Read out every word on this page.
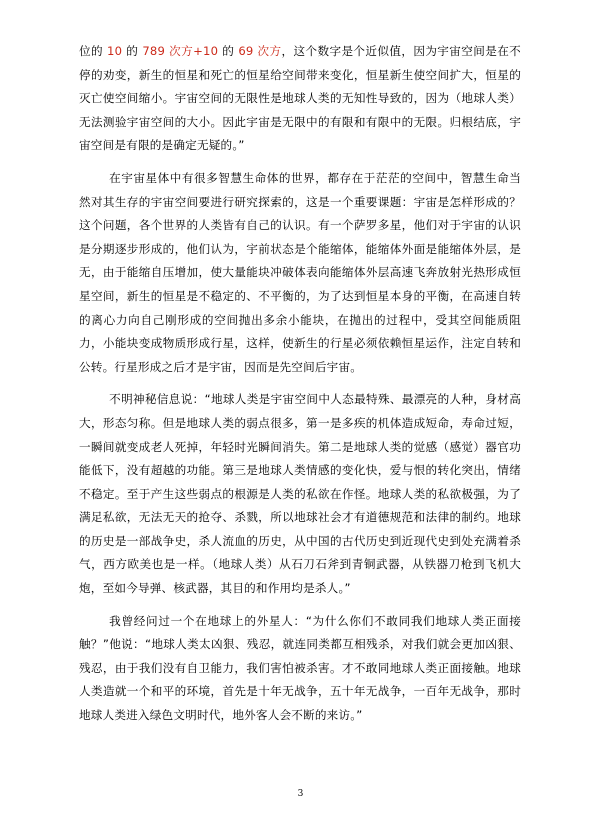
位的 10 的 789 次方+10 的 69 次方，这个数字是个近似值，因为宇宙空间是在不停的劝变，新生的恒星和死亡的恒星给空间带来变化，恒星新生使空间扩大，恒星的灭亡使空间缩小。宇宙空间的无限性是地球人类的无知性导致的，因为（地球人类）无法测验宇宙空间的大小。因此宇宙是无限中的有限和有限中的无限。归根结底，宇宙空间是有限的是确定无疑的。”

在宇宙星体中有很多智慧生命体的世界，都存在于茫茫的空间中，智慧生命当然对其生存的宇宙空间要进行研究探索的，这是一个重要课题：宇宙是怎样形成的？这个问题，各个世界的人类皆有自己的认识。有一个萨罗多星，他们对于宇宙的认识是分期逐步形成的，他们认为，宇前状态是个能缩体，能缩体外面是能缩体外层，是无，由于能缩自压增加，使大量能块冲破体表向能缩体外层高速飞奔放射光热形成恒星空间，新生的恒星是不稳定的、不平衡的，为了达到恒星本身的平衡，在高速自转的离心力向自己刚形成的空间抛出多余小能块，在抛出的过程中，受其空间能质阻力，小能块变成物质形成行星，这样，使新生的行星必须依赖恒星运作，注定自转和公转。行星形成之后才是宇宙，因而是先空间后宇宙。

不明神秘信息说：“地球人类是宇宙空间中人态最特殊、最漂亮的人种，身材高大，形态匀称。但是地球人类的弱点很多，第一是多疾的机体造成短命，寿命过短，一瞬间就变成老人死掉，年轻时光瞬间消失。第二是地球人类的觉感（感觉）器官功能低下，没有超越的功能。第三是地球人类情感的变化快，爱与恨的转化突出，情绪不稳定。至于产生这些弱点的根源是人类的私欲在作怪。地球人类的私欲极强，为了满足私欲，无法无天的抢夺、杀戮，所以地球社会才有道德规范和法律的制约。地球的历史是一部战争史，杀人流血的历史，从中国的古代历史到近现代史到处充满着杀气，西方欧美也是一样。（地球人类）从石刀石斧到青铜武器，从铁器刀枪到飞机大炮，至如今导弹、核武器，其目的和作用均是杀人。”

我曾经问过一个在地球上的外星人：“为什么你们不敢同我们地球人类正面接触？”他说：“地球人类太凶狠、残忍，就连同类都互相残杀，对我们就会更加凶狠、残忍，由于我们没有自卫能力，我们害怕被杀害。才不敢同地球人类正面接触。地球人类造就一个和平的环境，首先是十年无战争，五十年无战争，一百年无战争，那时地球人类进入绿色文明时代，地外客人会不断的来访。”

3
